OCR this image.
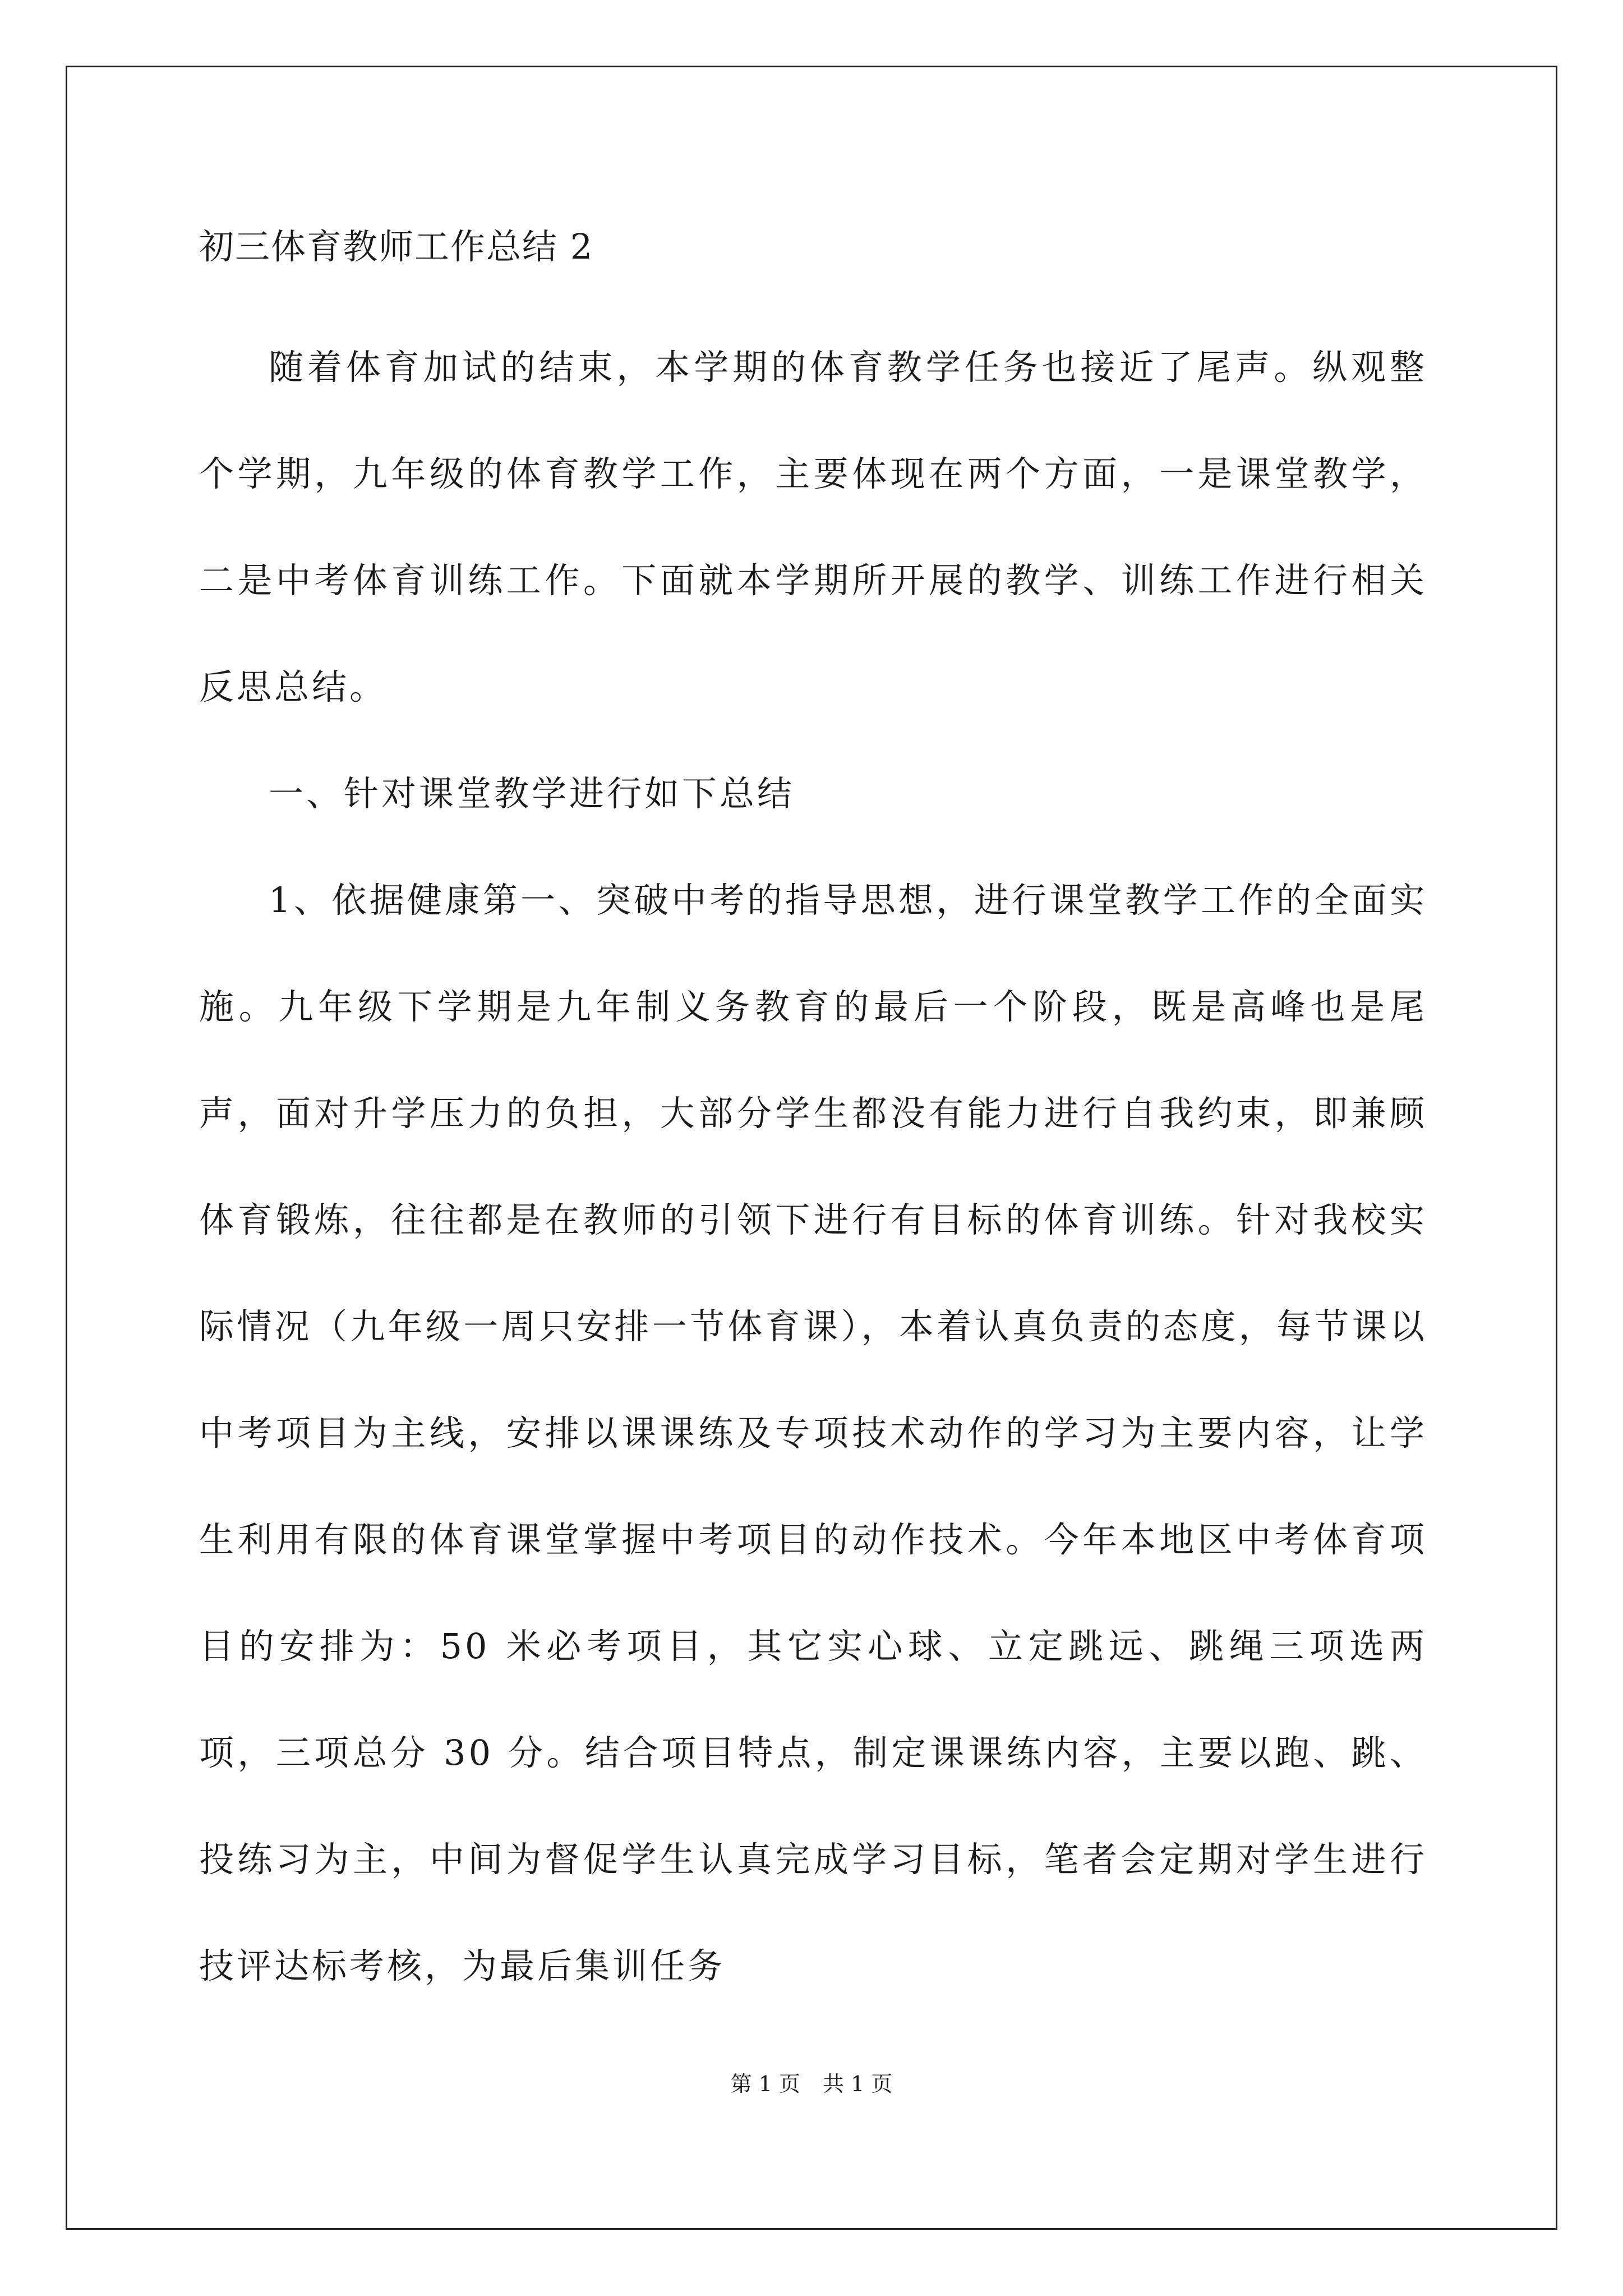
初三体育教师工作总结 2

随着体育加试的结束，本学期的体育教学任务也接近了尾声。纵观整个学期，九年级的体育教学工作，主要体现在两个方面，一是课堂教学，二是中考体育训练工作。下面就本学期所开展的教学、训练工作进行相关反思总结。

一、针对课堂教学进行如下总结

1、依据健康第一、突破中考的指导思想，进行课堂教学工作的全面实施。九年级下学期是九年制义务教育的最后一个阶段，既是高峰也是尾声，面对升学压力的负担，大部分学生都没有能力进行自我约束，即兼顾体育锻炼，往往都是在教师的引领下进行有目标的体育训练。针对我校实际情况（九年级一周只安排一节体育课），本着认真负责的态度，每节课以中考项目为主线，安排以课课练及专项技术动作的学习为主要内容，让学生利用有限的体育课堂掌握中考项目的动作技术。今年本地区中考体育项目的安排为：50 米必考项目，其它实心球、立定跳远、跳绳三项选两项，三项总分 30 分。结合项目特点，制定课课练内容，主要以跑、跳、投练习为主，中间为督促学生认真完成学习目标，笔者会定期对学生进行技评达标考核，为最后集训任务

第 1 页 共 1 页
